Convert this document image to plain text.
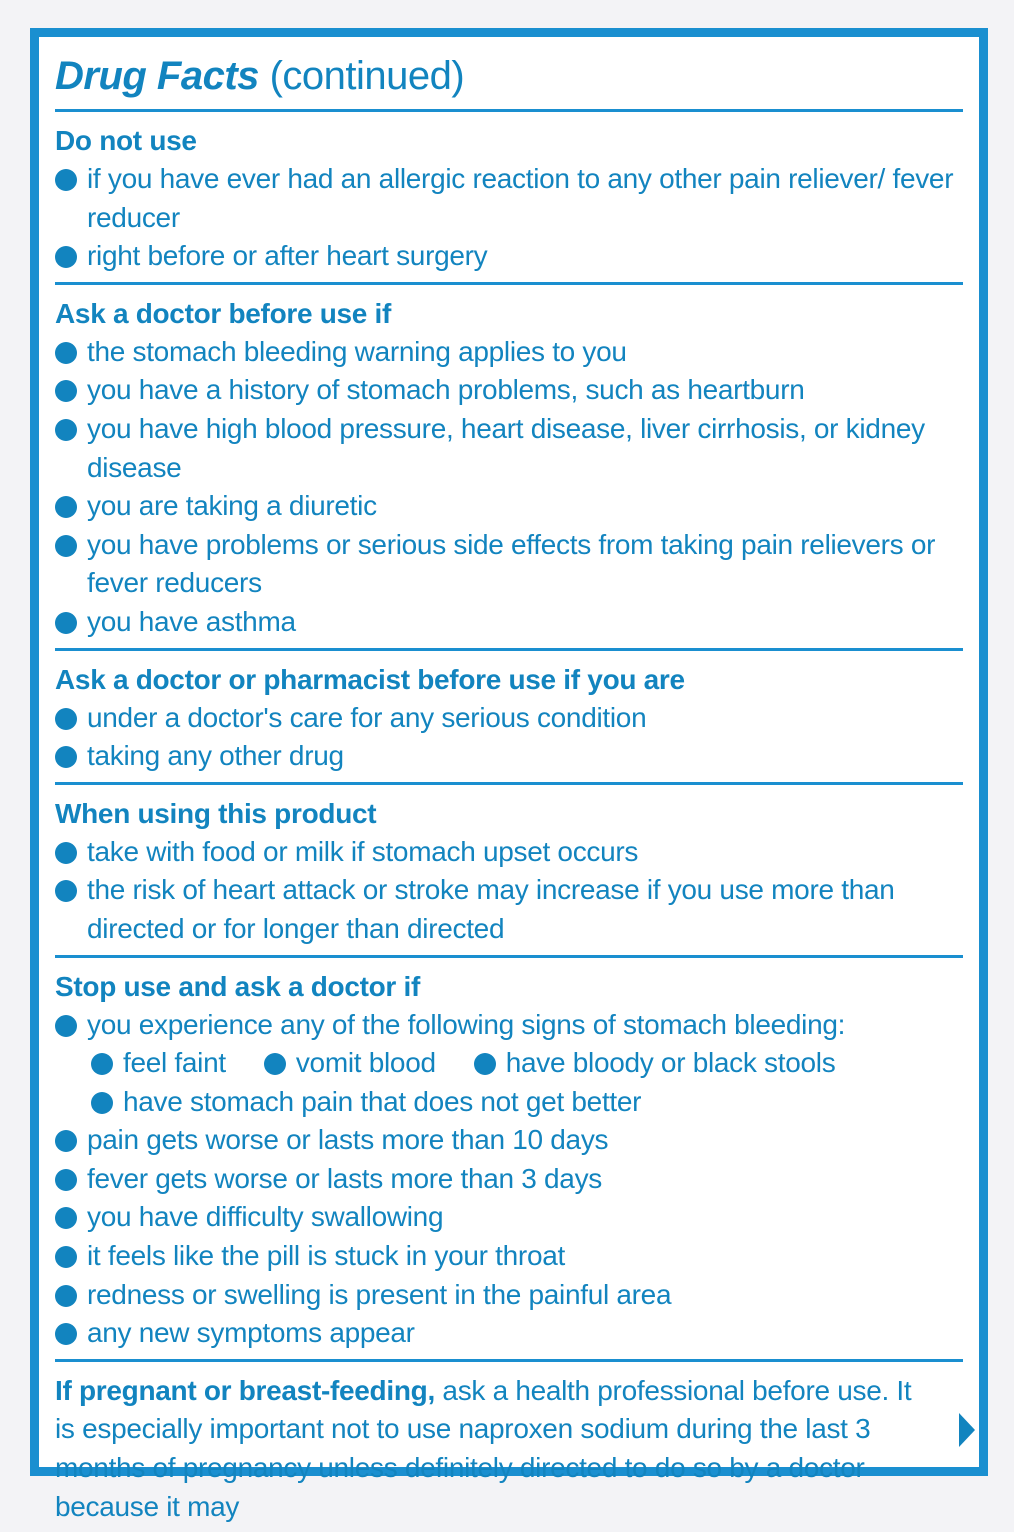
Drug Facts (continued)
Do not use
if you have ever had an allergic reaction to any other pain reliever/ fever reducer
right before or after heart surgery
Ask a doctor before use if
the stomach bleeding warning applies to you
you have a history of stomach problems, such as heartburn
you have high blood pressure, heart disease, liver cirrhosis, or kidney disease
you are taking a diuretic
you have problems or serious side effects from taking pain relievers or fever reducers
you have asthma
Ask a doctor or pharmacist before use if you are
under a doctor's care for any serious condition
taking any other drug
When using this product
take with food or milk if stomach upset occurs
the risk of heart attack or stroke may increase if you use more than directed or for longer than directed
Stop use and ask a doctor if
you experience any of the following signs of stomach bleeding:
feel faint	vomit blood	have bloody or black stools
have stomach pain that does not get better
pain gets worse or lasts more than 10 days
fever gets worse or lasts more than 3 days
you have difficulty swallowing
it feels like the pill is stuck in your throat
redness or swelling is present in the painful area
any new symptoms appear
If pregnant or breast-feeding, ask a health professional before use. It is especially important not to use naproxen sodium during the last 3 months of pregnancy unless definitely directed to do so by a doctor because it may
